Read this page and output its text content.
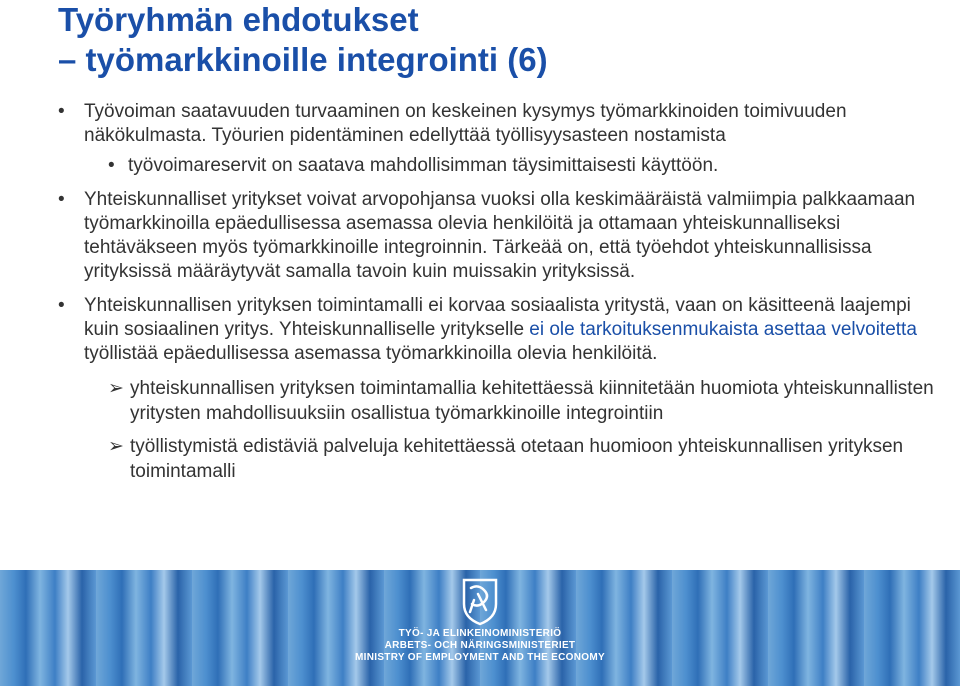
Työryhmän ehdotukset
– työmarkkinoille integrointi (6)
• Työvoiman saatavuuden turvaaminen on keskeinen kysymys työmarkkinoiden toimivuuden näkökulmasta. Työurien pidentäminen edellyttää työllisyysasteen nostamista
• työvoimareservit on saatava mahdollisimman täysimittaisesti käyttöön.
• Yhteiskunnalliset yritykset voivat arvopohjansa vuoksi olla keskimääräistä valmiimpia palkkaamaan työmarkkinoilla epäedullisessa asemassa olevia henkilöitä ja ottamaan yhteiskunnalliseksi tehtäväkseen myös työmarkkinoille integroinnin. Tärkeää on, että työehdot yhteiskunnallisissa yrityksissä määräytyvät samalla tavoin kuin muissakin yrityksissä.
• Yhteiskunnallisen yrityksen toimintamalli ei korvaa sosiaalista yritystä, vaan on käsitteenä laajempi kuin sosiaalinen yritys. Yhteiskunnalliselle yritykselle ei ole tarkoituksenmukaista asettaa velvoitetta työllistää epäedullisessa asemassa työmarkkinoilla olevia henkilöitä.
➢ yhteiskunnallisen yrityksen toimintamallia kehitettäessä kiinnitetään huomiota yhteiskunnallisten yritysten mahdollisuuksiin osallistua työmarkkinoille integrointiin
➢ työllistymistä edistäviä palveluja kehitettäessä otetaan huomioon yhteiskunnallisen yrityksen toimintamalli
TYÖ- JA ELINKEINOMINISTERIÖ
ARBETS- OCH NÄRINGSMINISTERIET
MINISTRY OF EMPLOYMENT AND THE ECONOMY
